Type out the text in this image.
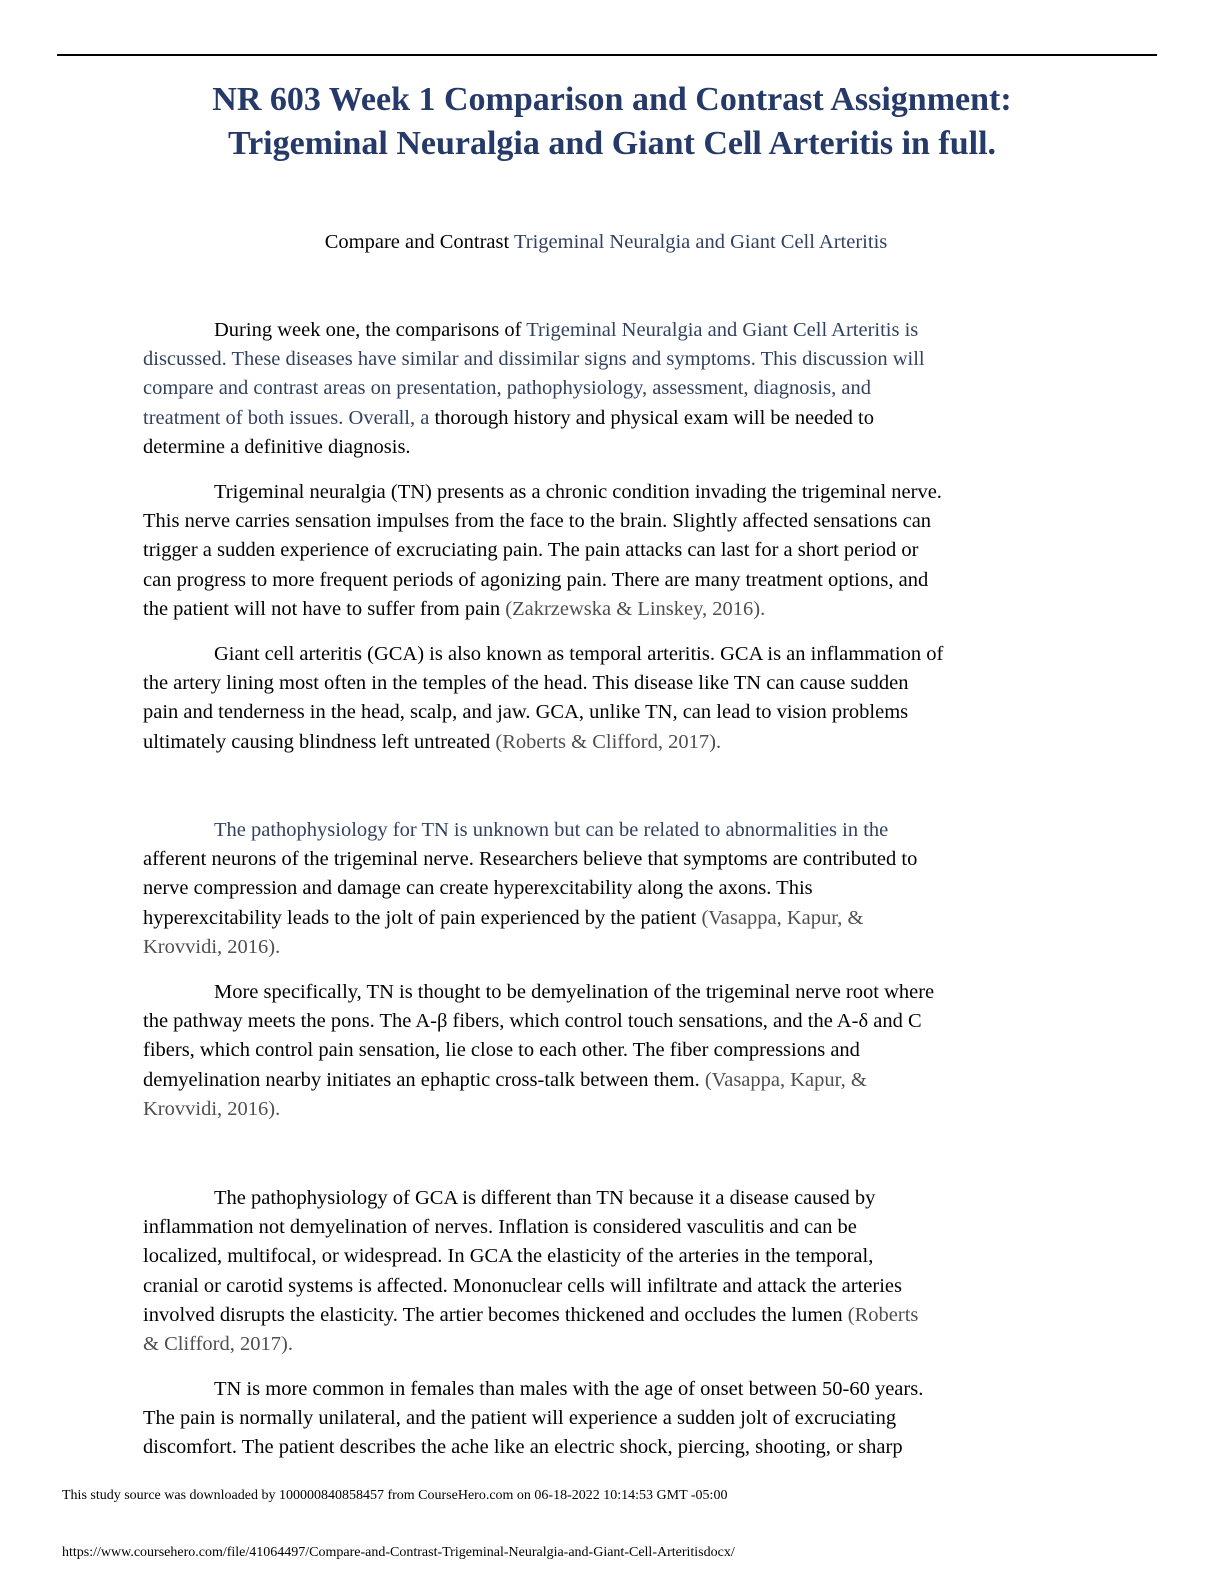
NR 603 Week 1 Comparison and Contrast Assignment:
Trigeminal Neuralgia and Giant Cell Arteritis in full.
Compare and Contrast Trigeminal Neuralgia and Giant Cell Arteritis
During week one, the comparisons of Trigeminal Neuralgia and Giant Cell Arteritis is
discussed. These diseases have similar and dissimilar signs and symptoms. This discussion will
compare and contrast areas on presentation, pathophysiology, assessment, diagnosis, and
treatment of both issues. Overall, a thorough history and physical exam will be needed to
determine a definitive diagnosis.
Trigeminal neuralgia (TN) presents as a chronic condition invading the trigeminal nerve.
This nerve carries sensation impulses from the face to the brain. Slightly affected sensations can
trigger a sudden experience of excruciating pain. The pain attacks can last for a short period or
can progress to more frequent periods of agonizing pain. There are many treatment options, and
the patient will not have to suffer from pain (Zakrzewska & Linskey, 2016).
Giant cell arteritis (GCA) is also known as temporal arteritis. GCA is an inflammation of
the artery lining most often in the temples of the head. This disease like TN can cause sudden
pain and tenderness in the head, scalp, and jaw. GCA, unlike TN, can lead to vision problems
ultimately causing blindness left untreated (Roberts & Clifford, 2017).
The pathophysiology for TN is unknown but can be related to abnormalities in the
afferent neurons of the trigeminal nerve. Researchers believe that symptoms are contributed to
nerve compression and damage can create hyperexcitability along the axons. This
hyperexcitability leads to the jolt of pain experienced by the patient (Vasappa, Kapur, &
Krovvidi, 2016).
More specifically, TN is thought to be demyelination of the trigeminal nerve root where
the pathway meets the pons. The A-β fibers, which control touch sensations, and the A-δ and C
fibers, which control pain sensation, lie close to each other. The fiber compressions and
demyelination nearby initiates an ephaptic cross-talk between them. (Vasappa, Kapur, &
Krovvidi, 2016).
The pathophysiology of GCA is different than TN because it a disease caused by
inflammation not demyelination of nerves. Inflation is considered vasculitis and can be
localized, multifocal, or widespread. In GCA the elasticity of the arteries in the temporal,
cranial or carotid systems is affected. Mononuclear cells will infiltrate and attack the arteries
involved disrupts the elasticity. The artier becomes thickened and occludes the lumen (Roberts
& Clifford, 2017).
TN is more common in females than males with the age of onset between 50-60 years.
The pain is normally unilateral, and the patient will experience a sudden jolt of excruciating
discomfort. The patient describes the ache like an electric shock, piercing, shooting, or sharp
This study source was downloaded by 100000840858457 from CourseHero.com on 06-18-2022 10:14:53 GMT -05:00
https://www.coursehero.com/file/41064497/Compare-and-Contrast-Trigeminal-Neuralgia-and-Giant-Cell-Arteritisdocx/
